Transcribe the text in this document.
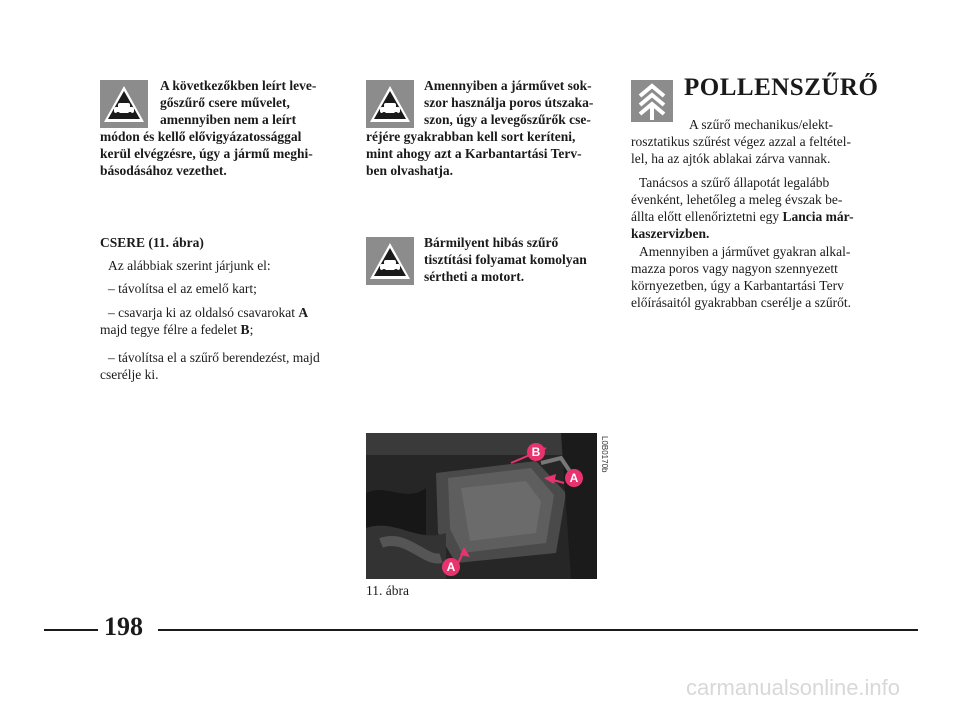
A következőkben leírt leve-
gőszűrő csere művelet,
amennyiben nem a leírt
módon és kellő elővigyázatossággal
kerül elvégzésre, úgy a jármű meghi-
básodásához vezethet.
CSERE (11. ábra)
Az alábbiak szerint járjunk el:
– távolítsa el az emelő kart;
– csavarja ki az oldalsó csavarokat A
majd tegye félre a fedelet B;
– távolítsa el a szűrő berendezést, majd
cserélje ki.
Amennyiben a járművet sok-
szor használja poros útszaka-
szon, úgy a levegőszűrők cse-
réjére gyakrabban kell sort keríteni,
mint ahogy azt a Karbantartási Terv-
ben olvashatja.
Bármilyent hibás szűrő
tisztítási folyamat komolyan
sértheti a motort.
B
A
A
L0B0170b
11. ábra
POLLENSZŰRŐ
A szűrő mechanikus/elekt-
rosztatikus szűrést végez azzal a feltétel-
lel, ha az ajtók ablakai zárva vannak.
Tanácsos a szűrő állapotát legalább
évenként, lehetőleg a meleg évszak be-
állta előtt ellenőriztetni egy Lancia már-
kaszervizben.
Amennyiben a járművet gyakran alkal-
mazza poros vagy nagyon szennyezett
környezetben, úgy a Karbantartási Terv
előírásaitól gyakrabban cserélje a szűrőt.
198
carmanualsonline.info
